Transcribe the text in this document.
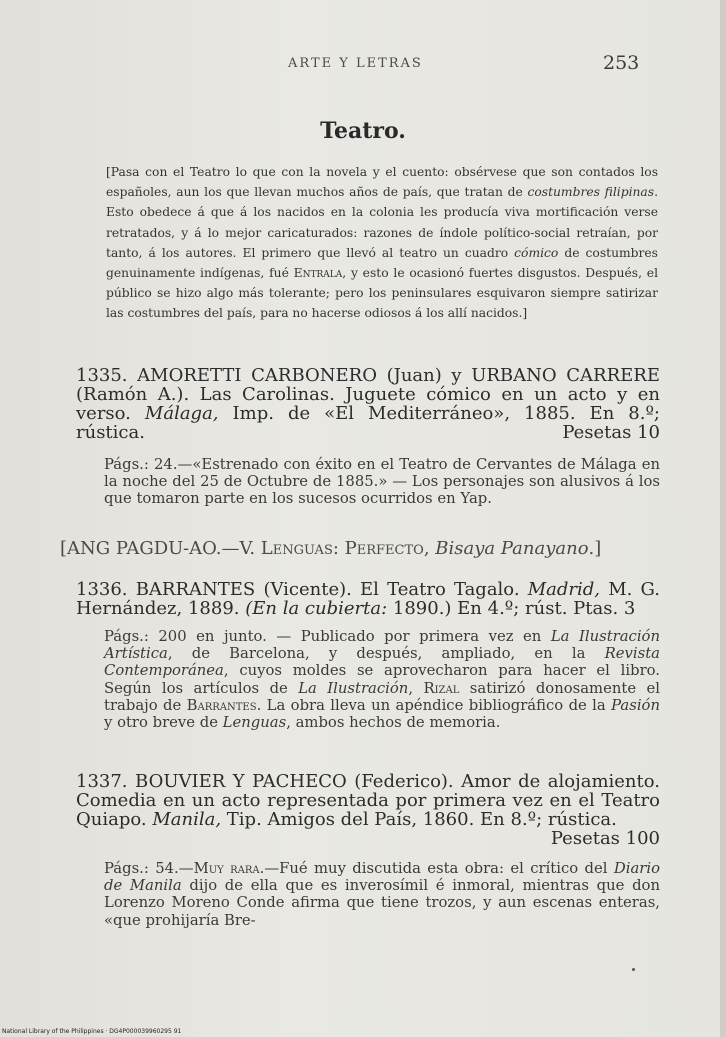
ARTE Y LETRAS	253
Teatro.
[Pasa con el Teatro lo que con la novela y el cuento: obsérvese que son contados los españoles, aun los que llevan muchos años de país, que tratan de costumbres filipinas. Esto obedece á que á los nacidos en la colonia les producía viva mortificación verse retratados, y á lo mejor caricaturados: razones de índole político-social retraían, por tanto, á los autores. El primero que llevó al teatro un cuadro cómico de costumbres genuinamente indígenas, fué Entrala, y esto le ocasionó fuertes disgustos. Después, el público se hizo algo más tolerante; pero los peninsulares esquivaron siempre satirizar las costumbres del país, para no hacerse odiosos á los allí nacidos.]
1335. AMORETTI CARBONERO (Juan) y URBANO CARRERE (Ramón A.). Las Carolinas. Juguete cómico en un acto y en verso. Málaga, Imp. de «El Mediterráneo», 1885. En 8.º; rústica.	Pesetas 10
Págs.: 24.—«Estrenado con éxito en el Teatro de Cervantes de Málaga en la noche del 25 de Octubre de 1885.» — Los personajes son alusivos á los que tomaron parte en los sucesos ocurridos en Yap.
[ANG PAGDU-AO.—V. Lenguas: Perfecto, Bisaya Panayano.]
1336. BARRANTES (Vicente). El Teatro Tagalo. Madrid, M. G. Hernández, 1889. (En la cubierta: 1890.) En 4.º; rúst. Ptas. 3
Págs.: 200 en junto. — Publicado por primera vez en La Ilustración Artística, de Barcelona, y después, ampliado, en la Revista Contemporánea, cuyos moldes se aprovecharon para hacer el libro. Según los artículos de La Ilustración, Rizal satirizó donosamente el trabajo de Barrantes. La obra lleva un apéndice bibliográfico de la Pasión y otro breve de Lenguas, ambos hechos de memoria.
1337. BOUVIER Y PACHECO (Federico). Amor de alojamiento. Comedia en un acto representada por primera vez en el Teatro Quiapo. Manila, Tip. Amigos del País, 1860. En 8.º; rústica.
Pesetas 100
Págs.: 54.—Muy rara.—Fué muy discutida esta obra: el crítico del Diario de Manila dijo de ella que es inverosímil é inmoral, mientras que don Lorenzo Moreno Conde afirma que tiene trozos, y aun escenas enteras, «que prohijaría Bre-
National Library of the Philippines · DG4P000039960295 91
